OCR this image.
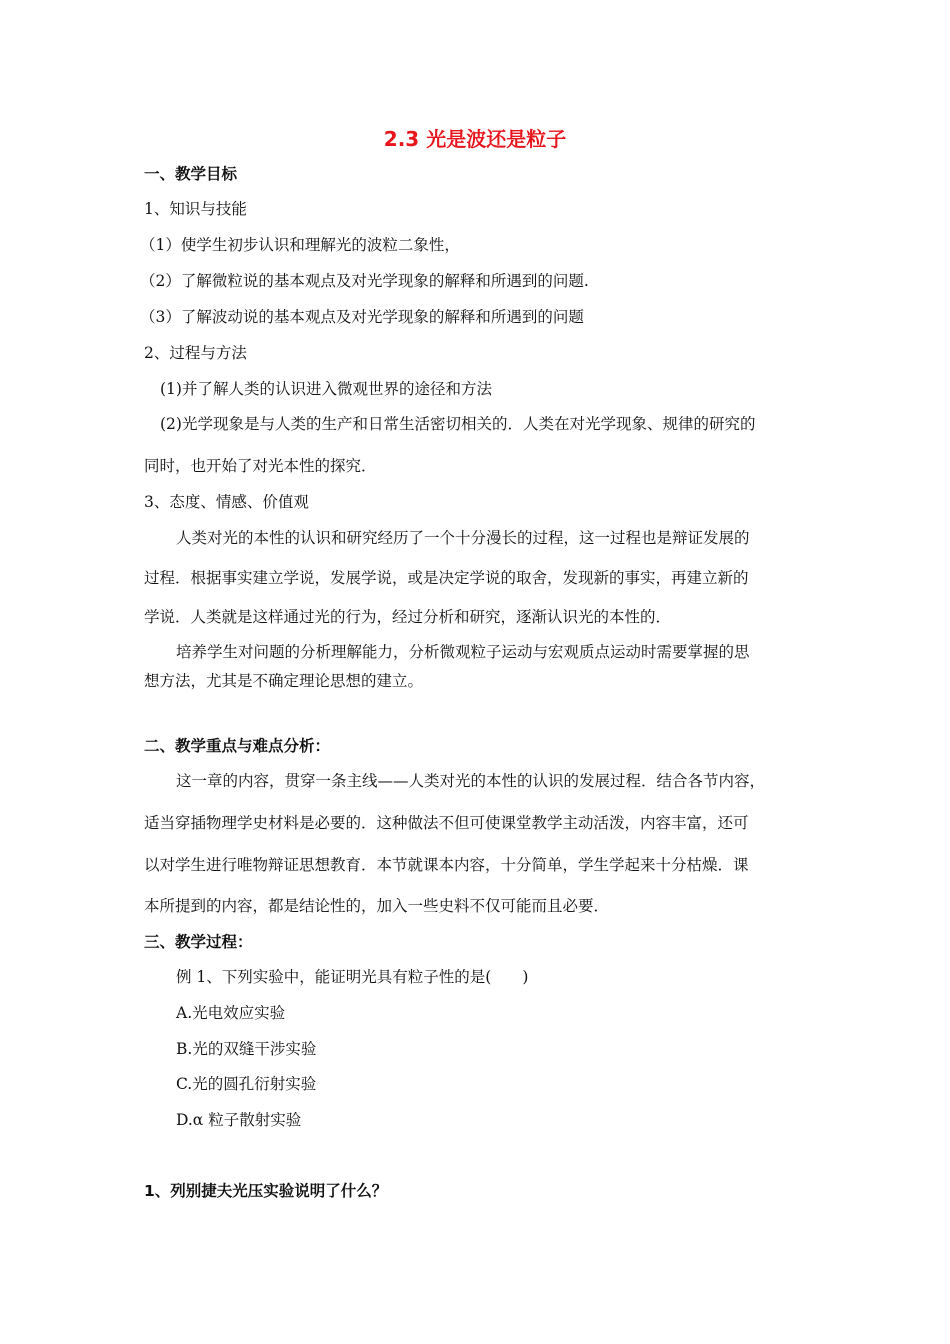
2.3 光是波还是粒子
一、教学目标
1、知识与技能
（1）使学生初步认识和理解光的波粒二象性，
（2）了解微粒说的基本观点及对光学现象的解释和所遇到的问题.
（3）了解波动说的基本观点及对光学现象的解释和所遇到的问题
2、过程与方法
(1)并了解人类的认识进入微观世界的途径和方法
(2)光学现象是与人类的生产和日常生活密切相关的．人类在对光学现象、规律的研究的
同时，也开始了对光本性的探究．
3、态度、情感、价值观
人类对光的本性的认识和研究经历了一个十分漫长的过程，这一过程也是辩证发展的
过程．根据事实建立学说，发展学说，或是决定学说的取舍，发现新的事实，再建立新的
学说．人类就是这样通过光的行为，经过分析和研究，逐渐认识光的本性的．
培养学生对问题的分析理解能力，分析微观粒子运动与宏观质点运动时需要掌握的思
想方法，尤其是不确定理论思想的建立。
二、教学重点与难点分析：
这一章的内容，贯穿一条主线——人类对光的本性的认识的发展过程．结合各节内容，
适当穿插物理学史材料是必要的．这种做法不但可使课堂教学主动活泼，内容丰富，还可
以对学生进行唯物辩证思想教育．本节就课本内容，十分简单，学生学起来十分枯燥．课
本所提到的内容，都是结论性的，加入一些史料不仅可能而且必要．
三、教学过程：
例 1、下列实验中，能证明光具有粒子性的是(　　)
A.光电效应实验
B.光的双缝干涉实验
C.光的圆孔衍射实验
D.α 粒子散射实验
1、列别捷夫光压实验说明了什么？
